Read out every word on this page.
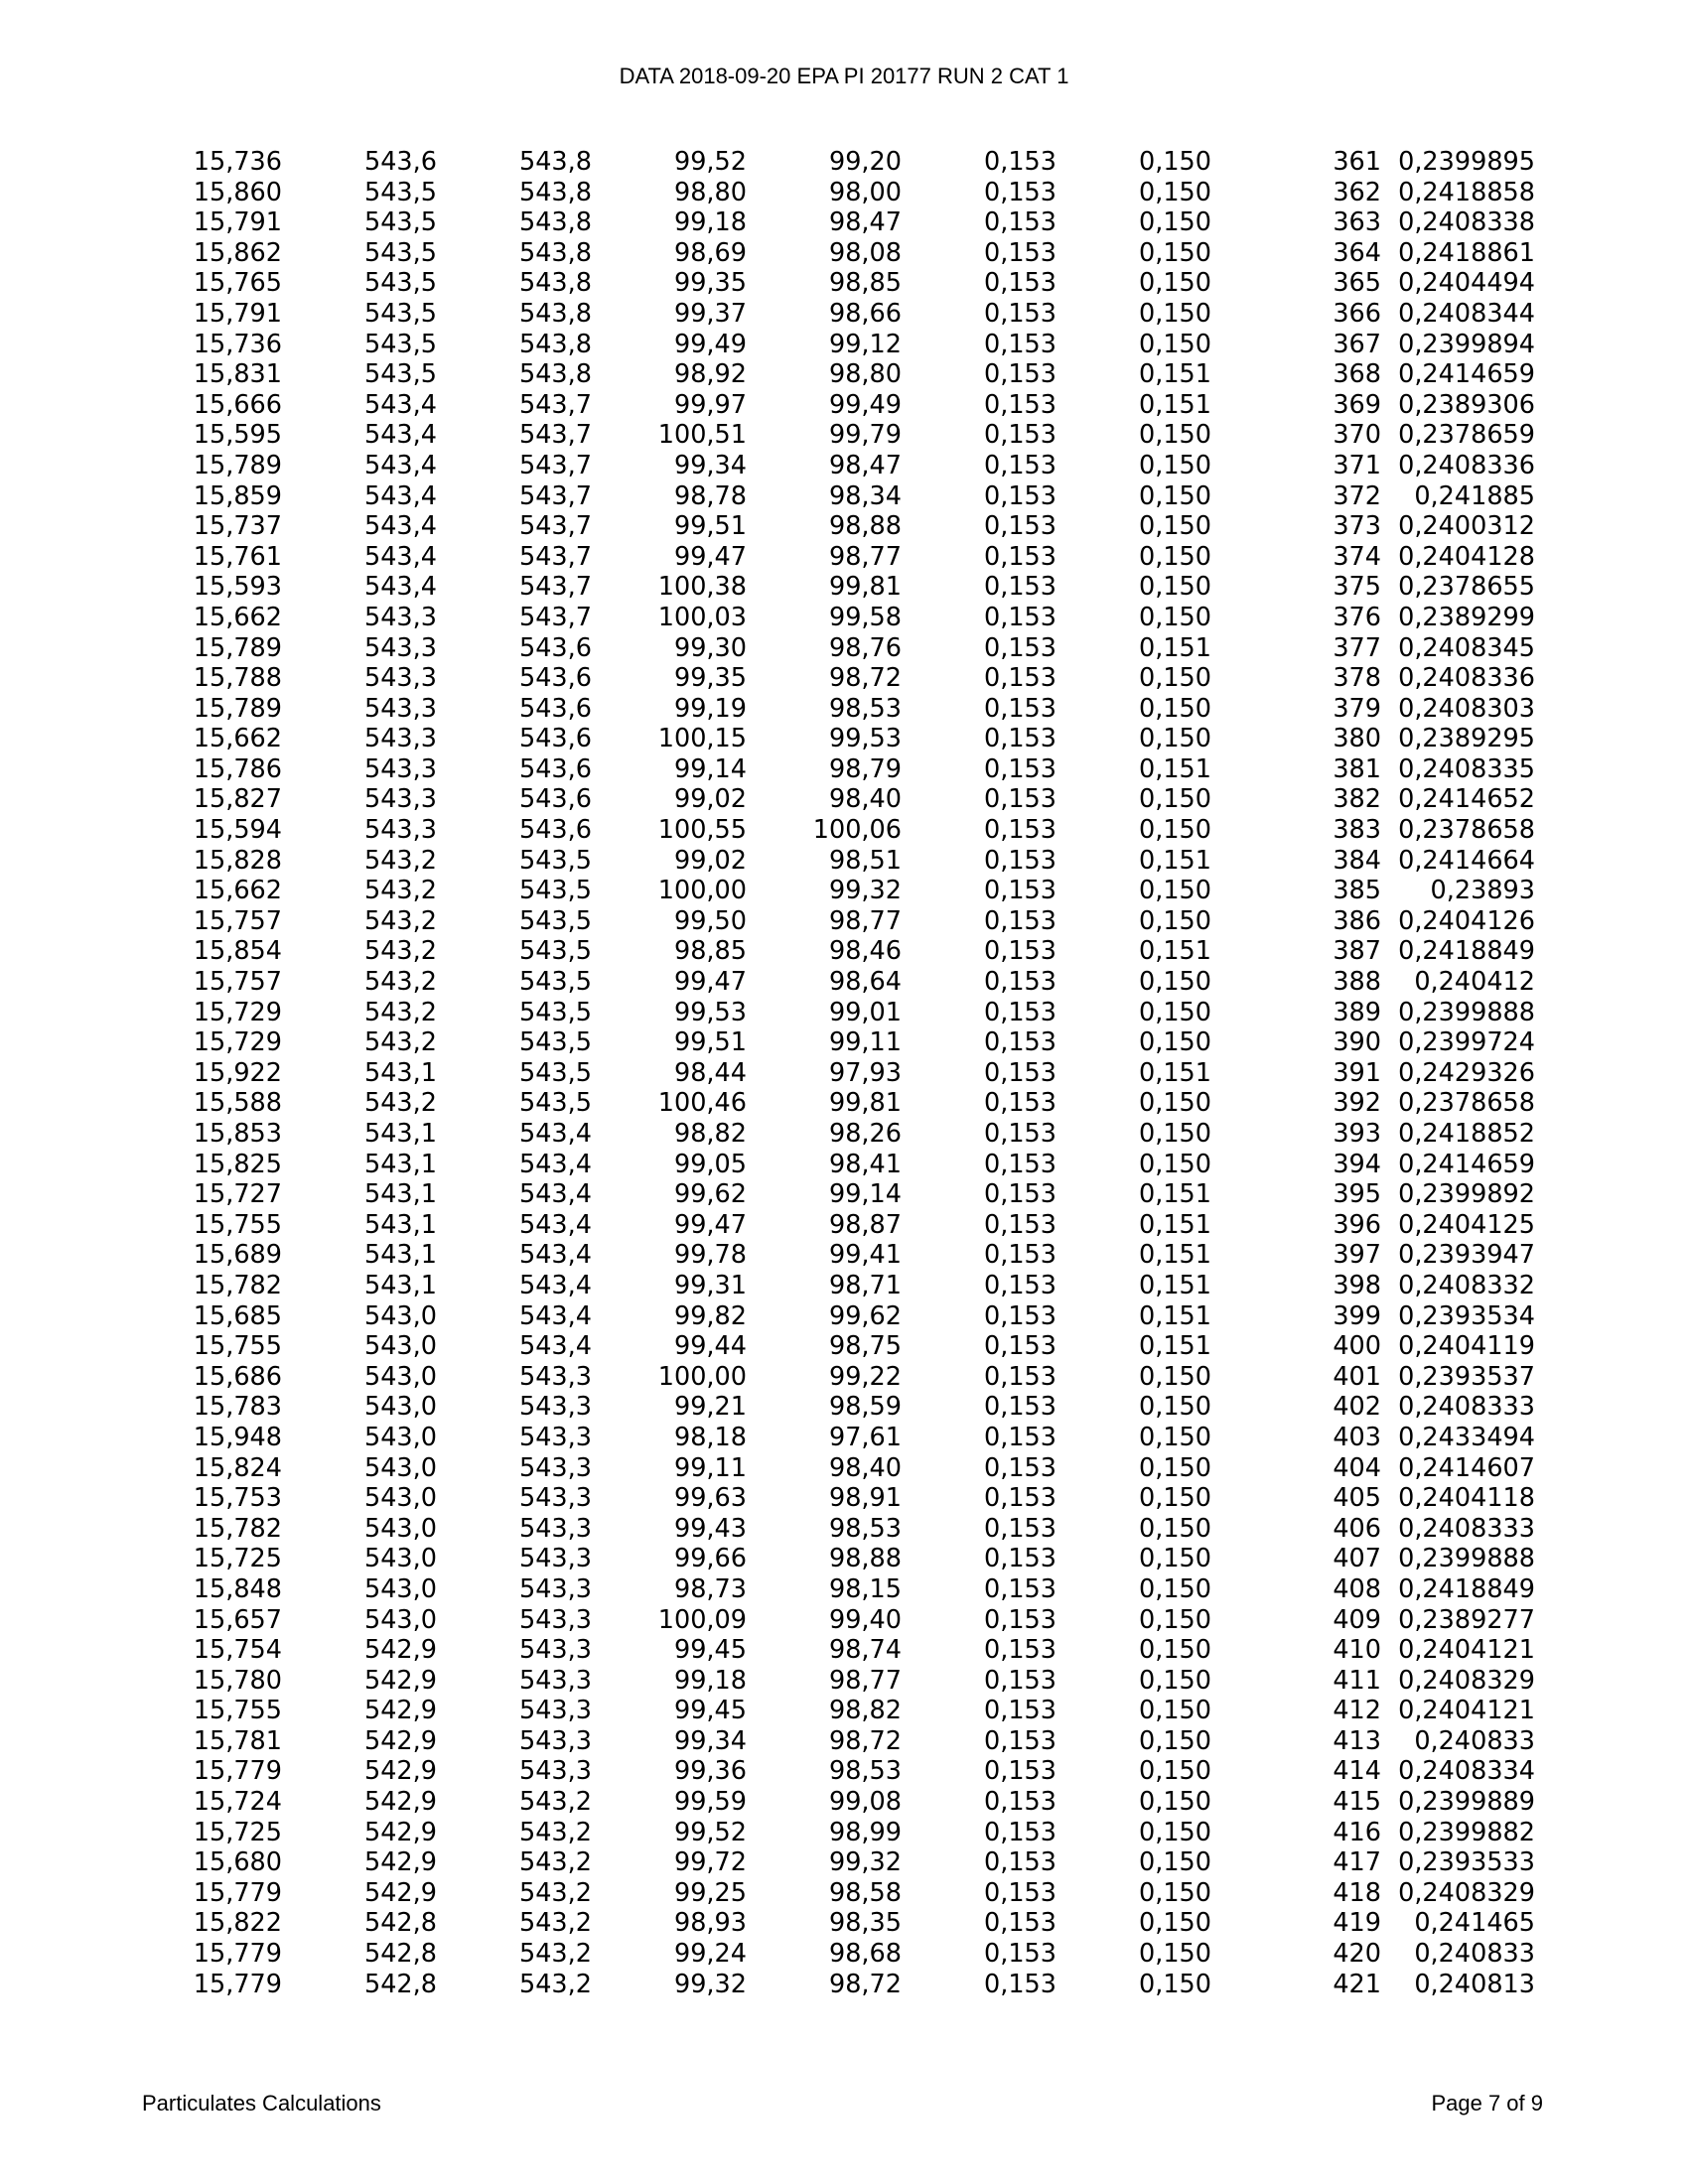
DATA 2018-09-20 EPA PI 20177 RUN 2 CAT 1
15,736	543,6	543,8	99,52	99,20	0,153	0,150	361	0,2399895
15,860	543,5	543,8	98,80	98,00	0,153	0,150	362	0,2418858
15,791	543,5	543,8	99,18	98,47	0,153	0,150	363	0,2408338
15,862	543,5	543,8	98,69	98,08	0,153	0,150	364	0,2418861
15,765	543,5	543,8	99,35	98,85	0,153	0,150	365	0,2404494
15,791	543,5	543,8	99,37	98,66	0,153	0,150	366	0,2408344
15,736	543,5	543,8	99,49	99,12	0,153	0,150	367	0,2399894
15,831	543,5	543,8	98,92	98,80	0,153	0,151	368	0,2414659
15,666	543,4	543,7	99,97	99,49	0,153	0,151	369	0,2389306
15,595	543,4	543,7	100,51	99,79	0,153	0,150	370	0,2378659
15,789	543,4	543,7	99,34	98,47	0,153	0,150	371	0,2408336
15,859	543,4	543,7	98,78	98,34	0,153	0,150	372	0,241885
15,737	543,4	543,7	99,51	98,88	0,153	0,150	373	0,2400312
15,761	543,4	543,7	99,47	98,77	0,153	0,150	374	0,2404128
15,593	543,4	543,7	100,38	99,81	0,153	0,150	375	0,2378655
15,662	543,3	543,7	100,03	99,58	0,153	0,150	376	0,2389299
15,789	543,3	543,6	99,30	98,76	0,153	0,151	377	0,2408345
15,788	543,3	543,6	99,35	98,72	0,153	0,150	378	0,2408336
15,789	543,3	543,6	99,19	98,53	0,153	0,150	379	0,2408303
15,662	543,3	543,6	100,15	99,53	0,153	0,150	380	0,2389295
15,786	543,3	543,6	99,14	98,79	0,153	0,151	381	0,2408335
15,827	543,3	543,6	99,02	98,40	0,153	0,150	382	0,2414652
15,594	543,3	543,6	100,55	100,06	0,153	0,150	383	0,2378658
15,828	543,2	543,5	99,02	98,51	0,153	0,151	384	0,2414664
15,662	543,2	543,5	100,00	99,32	0,153	0,150	385	0,23893
15,757	543,2	543,5	99,50	98,77	0,153	0,150	386	0,2404126
15,854	543,2	543,5	98,85	98,46	0,153	0,151	387	0,2418849
15,757	543,2	543,5	99,47	98,64	0,153	0,150	388	0,240412
15,729	543,2	543,5	99,53	99,01	0,153	0,150	389	0,2399888
15,729	543,2	543,5	99,51	99,11	0,153	0,150	390	0,2399724
15,922	543,1	543,5	98,44	97,93	0,153	0,151	391	0,2429326
15,588	543,2	543,5	100,46	99,81	0,153	0,150	392	0,2378658
15,853	543,1	543,4	98,82	98,26	0,153	0,150	393	0,2418852
15,825	543,1	543,4	99,05	98,41	0,153	0,150	394	0,2414659
15,727	543,1	543,4	99,62	99,14	0,153	0,151	395	0,2399892
15,755	543,1	543,4	99,47	98,87	0,153	0,151	396	0,2404125
15,689	543,1	543,4	99,78	99,41	0,153	0,151	397	0,2393947
15,782	543,1	543,4	99,31	98,71	0,153	0,151	398	0,2408332
15,685	543,0	543,4	99,82	99,62	0,153	0,151	399	0,2393534
15,755	543,0	543,4	99,44	98,75	0,153	0,151	400	0,2404119
15,686	543,0	543,3	100,00	99,22	0,153	0,150	401	0,2393537
15,783	543,0	543,3	99,21	98,59	0,153	0,150	402	0,2408333
15,948	543,0	543,3	98,18	97,61	0,153	0,150	403	0,2433494
15,824	543,0	543,3	99,11	98,40	0,153	0,150	404	0,2414607
15,753	543,0	543,3	99,63	98,91	0,153	0,150	405	0,2404118
15,782	543,0	543,3	99,43	98,53	0,153	0,150	406	0,2408333
15,725	543,0	543,3	99,66	98,88	0,153	0,150	407	0,2399888
15,848	543,0	543,3	98,73	98,15	0,153	0,150	408	0,2418849
15,657	543,0	543,3	100,09	99,40	0,153	0,150	409	0,2389277
15,754	542,9	543,3	99,45	98,74	0,153	0,150	410	0,2404121
15,780	542,9	543,3	99,18	98,77	0,153	0,150	411	0,2408329
15,755	542,9	543,3	99,45	98,82	0,153	0,150	412	0,2404121
15,781	542,9	543,3	99,34	98,72	0,153	0,150	413	0,240833
15,779	542,9	543,3	99,36	98,53	0,153	0,150	414	0,2408334
15,724	542,9	543,2	99,59	99,08	0,153	0,150	415	0,2399889
15,725	542,9	543,2	99,52	98,99	0,153	0,150	416	0,2399882
15,680	542,9	543,2	99,72	99,32	0,153	0,150	417	0,2393533
15,779	542,9	543,2	99,25	98,58	0,153	0,150	418	0,2408329
15,822	542,8	543,2	98,93	98,35	0,153	0,150	419	0,241465
15,779	542,8	543,2	99,24	98,68	0,153	0,150	420	0,240833
15,779	542,8	543,2	99,32	98,72	0,153	0,150	421	0,240813
Particulates Calculations	Page 7 of 9
